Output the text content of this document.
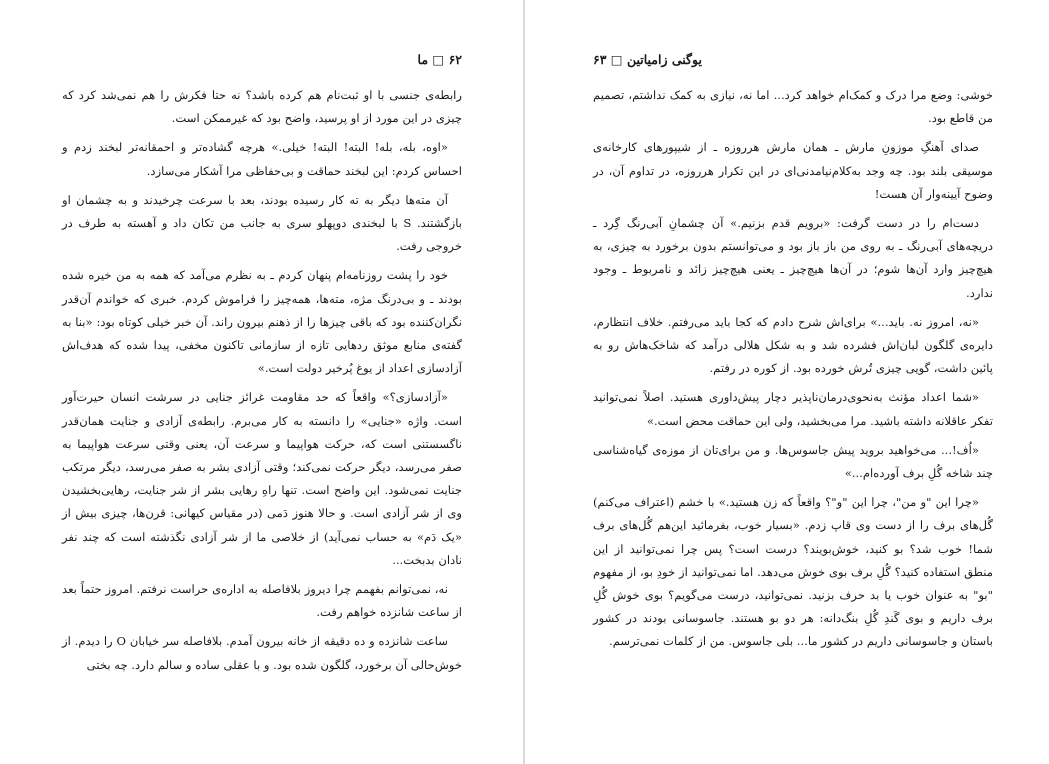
۶۲ □ ما

رابطه‌ی جنسی با او ثبت‌نام هم کرده باشد؟ نه حتا فکرش را هم نمی‌شد کرد که چیزی در این مورد از او پرسید، واضح بود که غیرممکن است.

«اوه، بله، بله! البته! البته! خیلی.» هرچه گشاده‌تر و احمقانه‌تر لبخند زدم و احساس کردم: این لبخند حماقت و بی‌حفاظی مرا آشکار می‌سازد.

آن مته‌ها دیگر به ته کار رسیده بودند، بعد با سرعت چرخیدند و به چشمان او بازگشتند. S با لبخندی دوپهلو سری به جانب من تکان داد و آهسته به طرف در خروجی رفت.

خود را پشت روزنامه‌ام پنهان کردم ـ به نظرم می‌آمد که همه به من خیره شده بودند ـ و بی‌درنگ مژه، مته‌ها، همه‌چیز را فراموش کردم. خبری که خواندم آن‌قدر نگران‌کننده بود که باقی چیزها را از ذهنم بیرون راند. آن خبر خیلی کوتاه بود: «بنا به گفته‌ی منابع موثق ردهایی تازه از سازمانی تاکنون مخفی، پیدا شده که هدف‌اش آزادسازی اعداد از یوغ پُرخیر دولت است.»

«آزادسازی؟» واقعاً که حد مقاومت غرائز جنایی در سرشت انسان حیرت‌آور است. واژه «جنایی» را دانسته به کار می‌برم. رابطه‌ی آزادی و جنایت همان‌قدر ناگسستنی است که، حرکت هواپیما و سرعت آن، یعنی وقتی سرعت هواپیما به صفر می‌رسد، دیگر حرکت نمی‌کند؛ وقتی آزادی بشر به صفر می‌رسد، دیگر مرتکب جنایت نمی‌شود. این واضح است. تنها راهِ رهایی بشر از شر جنایت، رهایی‌بخشیدن وی از شر آزادی است. و حالا هنوز دَمی (در مقیاس کیهانی: قرن‌ها، چیزی بیش از «یک دَم» به حساب نمی‌آید) از خلاصی ما از شر آزادی نگذشته است که چند نفر نادان بدبخت...

نه، نمی‌توانم بفهمم چرا دیروز بلافاصله به اداره‌ی حراست نرفتم. امروز حتماً بعد از ساعت شانزده خواهم رفت.

ساعت شانزده و ده دقیقه از خانه بیرون آمدم. بلافاصله سر خیابان O را دیدم. از خوش‌حالی آن برخورد، گلگون شده بود. و با عقلی ساده و سالم دارد. چه بختی

یوگنی زامیاتین □ ۶۳

خوشی: وضع مرا درک و کمک‌ام خواهد کرد... اما نه، نیازی به کمک نداشتم، تصمیم من قاطع بود.

صدای آهنگِ موزونِ مارش ـ همان مارش هرروزه ـ از شیپورهای کارخانه‌ی موسیقی بلند بود. چه وجد به‌کلام‌نیامدنی‌ای در این تکرار هرروزه، در تداوم آن، در وضوح آیینه‌وار آن هست!

دست‌ام را در دست گرفت: «برویم قدم بزنیم.» آن چشمانِ آبی‌رنگ گِرد ـ دریچه‌های آبی‌رنگ ـ به روی من باز باز بود و می‌توانستم بدون برخورد به چیزی، به هیچ‌چیز وارد آن‌ها شوم؛ در آن‌ها هیچ‌چیز ـ یعنی هیچ‌چیز زائد و نامربوط ـ وجود ندارد.

«نه، امروز نه. باید...» برای‌اش شرح دادم که کجا باید می‌رفتم. خلاف انتظارم، دایره‌ی گلگون لبان‌اش فشرده شد و به شکل هلالی درآمد که شاخک‌هاش رو به پائین داشت، گویی چیزی تُرش خورده بود. از کوره در رفتم.

«شما اعداد مؤنث به‌نحوی‌درمان‌ناپذیر دچار پیش‌داوری هستید. اصلاً نمی‌توانید تفکر عاقلانه داشته باشید. مرا می‌بخشید، ولی این حماقت محض است.»

«اُف!... می‌خواهید بروید پیش جاسوس‌ها. و من برای‌تان از موزه‌ی گیاه‌شناسی چند شاخه گُلِ برف آورده‌ام...»

«چرا این "و من"، چرا این "و"؟ واقعاً که زن هستید.» با خشم (اعتراف می‌کنم) گُل‌های برف را از دست وی قاپ زدم. «بسیار خوب، بفرمائید این‌هم گُل‌های برف شما! خوب شد؟ بو کنید، خوش‌بویند؟ درست است؟ پس چرا نمی‌توانید از این منطق استفاده کنید؟ گُلِ برف بوی خوش می‌دهد. اما نمی‌توانید از خودِ بو، از مفهوم "بو" به عنوان خوب یا بد حرف بزنید. نمی‌توانید، درست می‌گویم؟ بوی خوش گُلِ برف داریم و بوی گَندِ گُلِ بنگ‌دانه: هر دو بو هستند. جاسوسانی بودند در کشور باستان و جاسوسانی داریم در کشور ما... بلی جاسوس. من از کلمات نمی‌ترسم.
